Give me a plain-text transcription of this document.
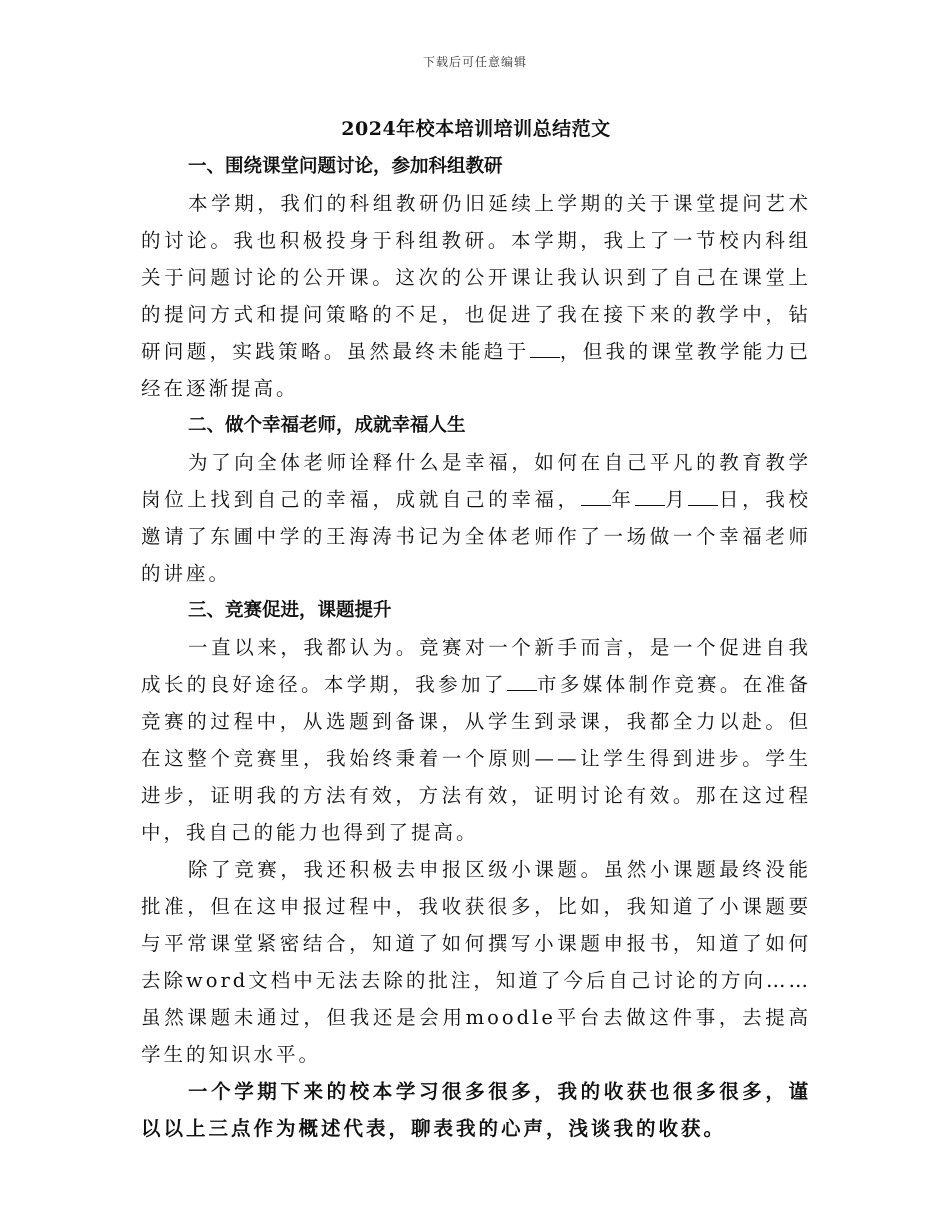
下载后可任意编辑
2024年校本培训培训总结范文
一、围绕课堂问题讨论，参加科组教研

本学期，我们的科组教研仍旧延续上学期的关于课堂提问艺术的讨论。我也积极投身于科组教研。本学期，我上了一节校内科组关于问题讨论的公开课。这次的公开课让我认识到了自己在课堂上的提问方式和提问策略的不足，也促进了我在接下来的教学中，钻研问题，实践策略。虽然最终未能趋于 ，但我的课堂教学能力已经在逐渐提高。

二、做个幸福老师，成就幸福人生

为了向全体老师诠释什么是幸福，如何在自己平凡的教育教学岗位上找到自己的幸福，成就自己的幸福， 年 月 日，我校邀请了东圃中学的王海涛书记为全体老师作了一场做一个幸福老师的讲座。

三、竞赛促进，课题提升

一直以来，我都认为。竞赛对一个新手而言，是一个促进自我成长的良好途径。本学期，我参加了 市多媒体制作竞赛。在准备竞赛的过程中，从选题到备课，从学生到录课，我都全力以赴。但在这整个竞赛里，我始终秉着一个原则——让学生得到进步。学生进步，证明我的方法有效，方法有效，证明讨论有效。那在这过程中，我自己的能力也得到了提高。

除了竞赛，我还积极去申报区级小课题。虽然小课题最终没能批准，但在这申报过程中，我收获很多，比如，我知道了小课题要与平常课堂紧密结合，知道了如何撰写小课题申报书，知道了如何去除word文档中无法去除的批注，知道了今后自己讨论的方向……虽然课题未通过，但我还是会用moodle平台去做这件事，去提高学生的知识水平。

一个学期下来的校本学习很多很多，我的收获也很多很多，谨以以上三点作为概述代表，聊表我的心声，浅谈我的收获。
